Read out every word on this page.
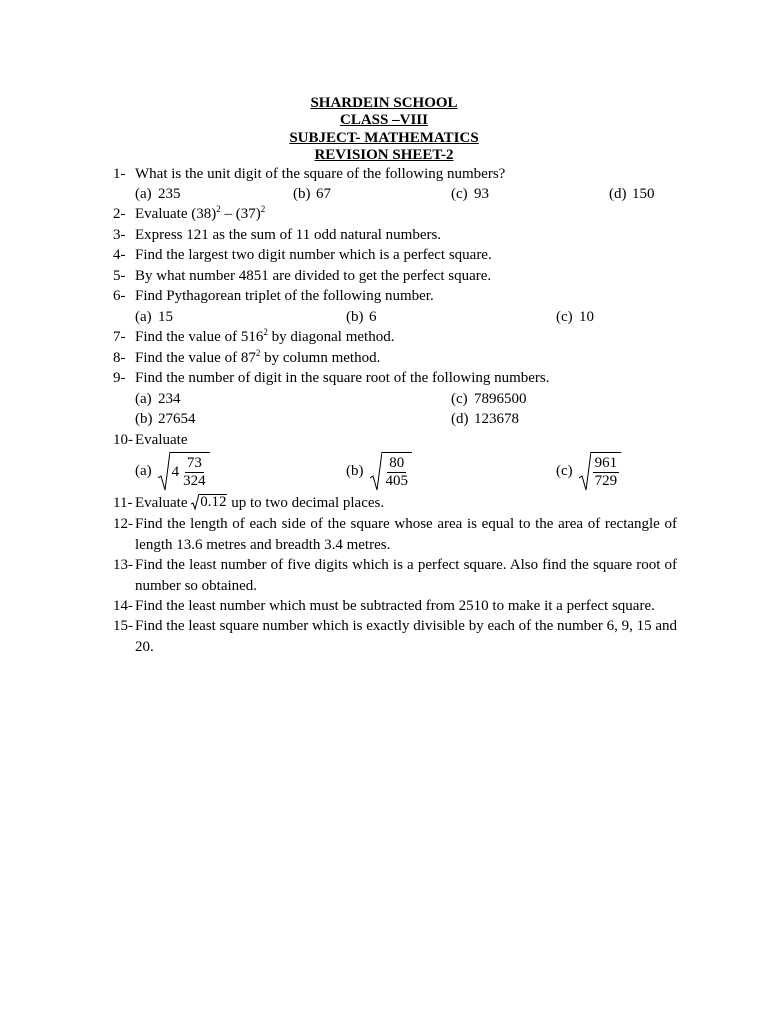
SHARDEIN SCHOOL
CLASS –VIII
SUBJECT- MATHEMATICS
REVISION SHEET-2
1- What is the unit digit of the square of the following numbers?
(a) 235	(b) 67	(c) 93	(d) 150
2- Evaluate $(38)^2 - (37)^2$
3- Express 121 as the sum of 11 odd natural numbers.
4- Find the largest two digit number which is a perfect square.
5- By what number 4851 are divided to get the perfect square.
6- Find Pythagorean triplet of the following number.
(a) 15	(b) 6	(c) 10
7- Find the value of $516^2$ by diagonal method.
8- Find the value of $87^2$ by column method.
9- Find the number of digit in the square root of the following numbers.
(a) 234	(c) 7896500
(b) 27654	(d) 123678
10- Evaluate
(a) $4 \frac{73}{324}$	$(b) \frac{80}{405}$	$(c) \frac{961}{729}$
11- Evaluate 0.12 up to two decimal places.
12- Find the length of each side of the square whose area is equal to the area of rectangle of length 13.6 metres and breadth 3.4 metres.
13- Find the least number of five digits which is a perfect square. Also find the square root of number so obtained.
14- Find the least number which must be subtracted from 2510 to make it a perfect square.
15- Find the least square number which is exactly divisible by each of the number 6, 9, 15 and 20.
